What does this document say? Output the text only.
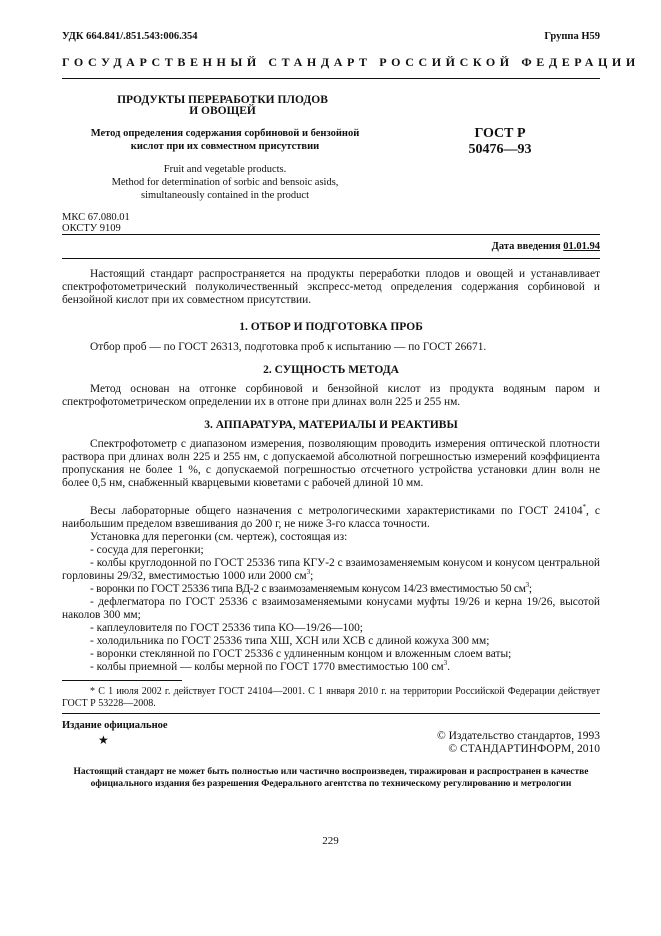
УДК 664.841/.851.543:006.354	Группа Н59
ГОСУДАРСТВЕННЫЙ СТАНДАРТ РОССИЙСКОЙ ФЕДЕРАЦИИ
ПРОДУКТЫ ПЕРЕРАБОТКИ ПЛОДОВ
И ОВОЩЕЙ
Метод определения содержания сорбиновой и бензойной
кислот при их совместном присутствии
ГОСТ Р
50476—93
Fruit and vegetable products.
Method for determination of sorbic and bensoic asids,
simultaneously contained in the product
МКС 67.080.01
ОКСТУ 9109
Дата введения 01.01.94
Настоящий стандарт распространяется на продукты переработки плодов и овощей и устанавливает спектрофотометрический полуколичественный экспресс-метод определения содержания сорбиновой и бензойной кислот при их совместном присутствии.
1. ОТБОР И ПОДГОТОВКА ПРОБ
Отбор проб — по ГОСТ 26313, подготовка проб к испытанию — по ГОСТ 26671.
2. СУЩНОСТЬ МЕТОДА
Метод основан на отгонке сорбиновой и бензойной кислот из продукта водяным паром и спектрофотометрическом определении их в отгоне при длинах волн 225 и 255 нм.
3. АППАРАТУРА, МАТЕРИАЛЫ И РЕАКТИВЫ
Спектрофотометр с диапазоном измерения, позволяющим проводить измерения оптической плотности раствора при длинах волн 225 и 255 нм, с допускаемой абсолютной погрешностью измерений коэффициента пропускания не более 1 %, с допускаемой погрешностью отсчетного устройства установки длин волн не более 0,5 нм, снабженный кварцевыми кюветами с рабочей длиной 10 мм.
Весы лабораторные общего назначения с метрологическими характеристиками по ГОСТ 24104*, с наибольшим пределом взвешивания до 200 г, не ниже 3-го класса точности.
Установка для перегонки (см. чертеж), состоящая из:
- сосуда для перегонки;
- колбы круглодонной по ГОСТ 25336 типа КГУ-2 с взаимозаменяемым конусом и конусом центральной горловины 29/32, вместимостью 1000 или 2000 $см^3$;
- воронки по ГОСТ 25336 типа ВД-2 с взаимозаменяемым конусом 14/23 вместимостью 50 $см^3$;
- дефлегматора по ГОСТ 25336 с взаимозаменяемыми конусами муфты 19/26 и керна 19/26, высотой наколов 300 мм;
- каплеуловителя по ГОСТ 25336 типа КО—19/26—100;
- холодильника по ГОСТ 25336 типа ХШ, ХСН или ХСВ с длиной кожуха 300 мм;
- воронки стеклянной по ГОСТ 25336 с удлиненным концом и вложенным слоем ваты;
- колбы приемной — колбы мерной по ГОСТ 1770 вместимостью 100 $см^3$.
* С 1 июля 2002 г. действует ГОСТ 24104—2001. С 1 января 2010 г. на территории Российской Федерации действует ГОСТ Р 53228—2008.
Издание официальное
★	© Издательство стандартов, 1993
© СТАНДАРТИНФОРМ, 2010
Настоящий стандарт не может быть полностью или частично воспроизведен, тиражирован и распространен в качестве официального издания без разрешения Федерального агентства по техническому регулированию и метрологии
229
